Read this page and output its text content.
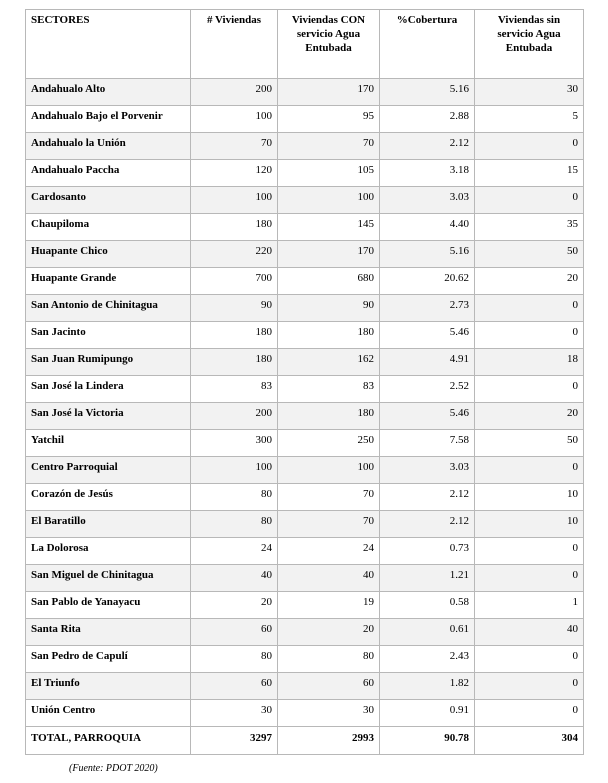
SECTORES	# Viviendas	Viviendas CON servicio Agua Entubada	%Cobertura	Viviendas sin servicio Agua Entubada
Andahualo Alto	200	170	5.16	30
Andahualo Bajo el Porvenir	100	95	2.88	5
Andahualo la Unión	70	70	2.12	0
Andahualo Paccha	120	105	3.18	15
Cardosanto	100	100	3.03	0
Chaupiloma	180	145	4.40	35
Huapante Chico	220	170	5.16	50
Huapante Grande	700	680	20.62	20
San Antonio de Chinitagua	90	90	2.73	0
San Jacinto	180	180	5.46	0
San Juan Rumipungo	180	162	4.91	18
San José la Lindera	83	83	2.52	0
San José la Victoria	200	180	5.46	20
Yatchil	300	250	7.58	50
Centro Parroquial	100	100	3.03	0
Corazón de Jesús	80	70	2.12	10
El Baratillo	80	70	2.12	10
La Dolorosa	24	24	0.73	0
San Miguel de Chinitagua	40	40	1.21	0
San Pablo de Yanayacu	20	19	0.58	1
Santa Rita	60	20	0.61	40
San Pedro de Capulí	80	80	2.43	0
El Triunfo	60	60	1.82	0
Unión Centro	30	30	0.91	0
TOTAL, PARROQUIA	3297	2993	90.78	304
(Fuente: PDOT 2020)
